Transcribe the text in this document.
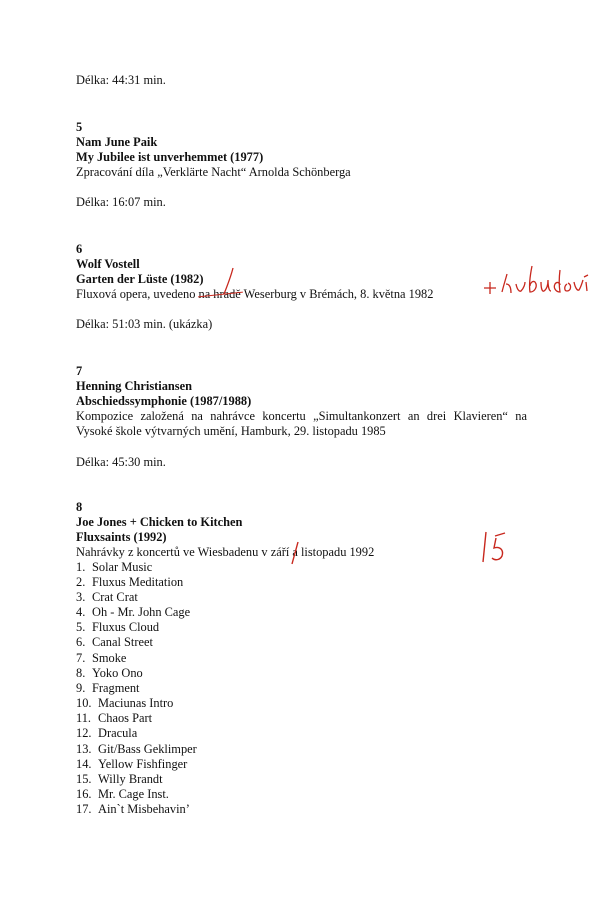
Délka: 44:31 min.
5
Nam June Paik
My Jubilee ist unverhemmet (1977)
Zpracování díla „Verklärte Nacht“ Arnolda Schönberga
Délka: 16:07 min.
6
Wolf Vostell
Garten der Lüste (1982)
Fluxová opera, uvedeno na hradě Weserburg v Brémách, 8. května 1982
Délka: 51:03 min. (ukázka)
7
Henning Christiansen
Abschiedssymphonie (1987/1988)
Kompozice založená na nahrávce koncertu „Simultankonzert an drei Klavieren“ na
Vysoké škole výtvarných umění, Hamburk, 29. listopadu 1985
Délka: 45:30 min.
8
Joe Jones + Chicken to Kitchen
Fluxsaints (1992)
Nahrávky z koncertů ve Wiesbadenu v září a listopadu 1992
1. Solar Music
2. Fluxus Meditation
3. Crat Crat
4. Oh - Mr. John Cage
5. Fluxus Cloud
6. Canal Street
7. Smoke
8. Yoko Ono
9. Fragment
10. Maciunas Intro
11. Chaos Part
12. Dracula
13. Git/Bass Geklimper
14. Yellow Fishfinger
15. Willy Brandt
16. Mr. Cage Inst.
17. Ain`t Misbehavin’
